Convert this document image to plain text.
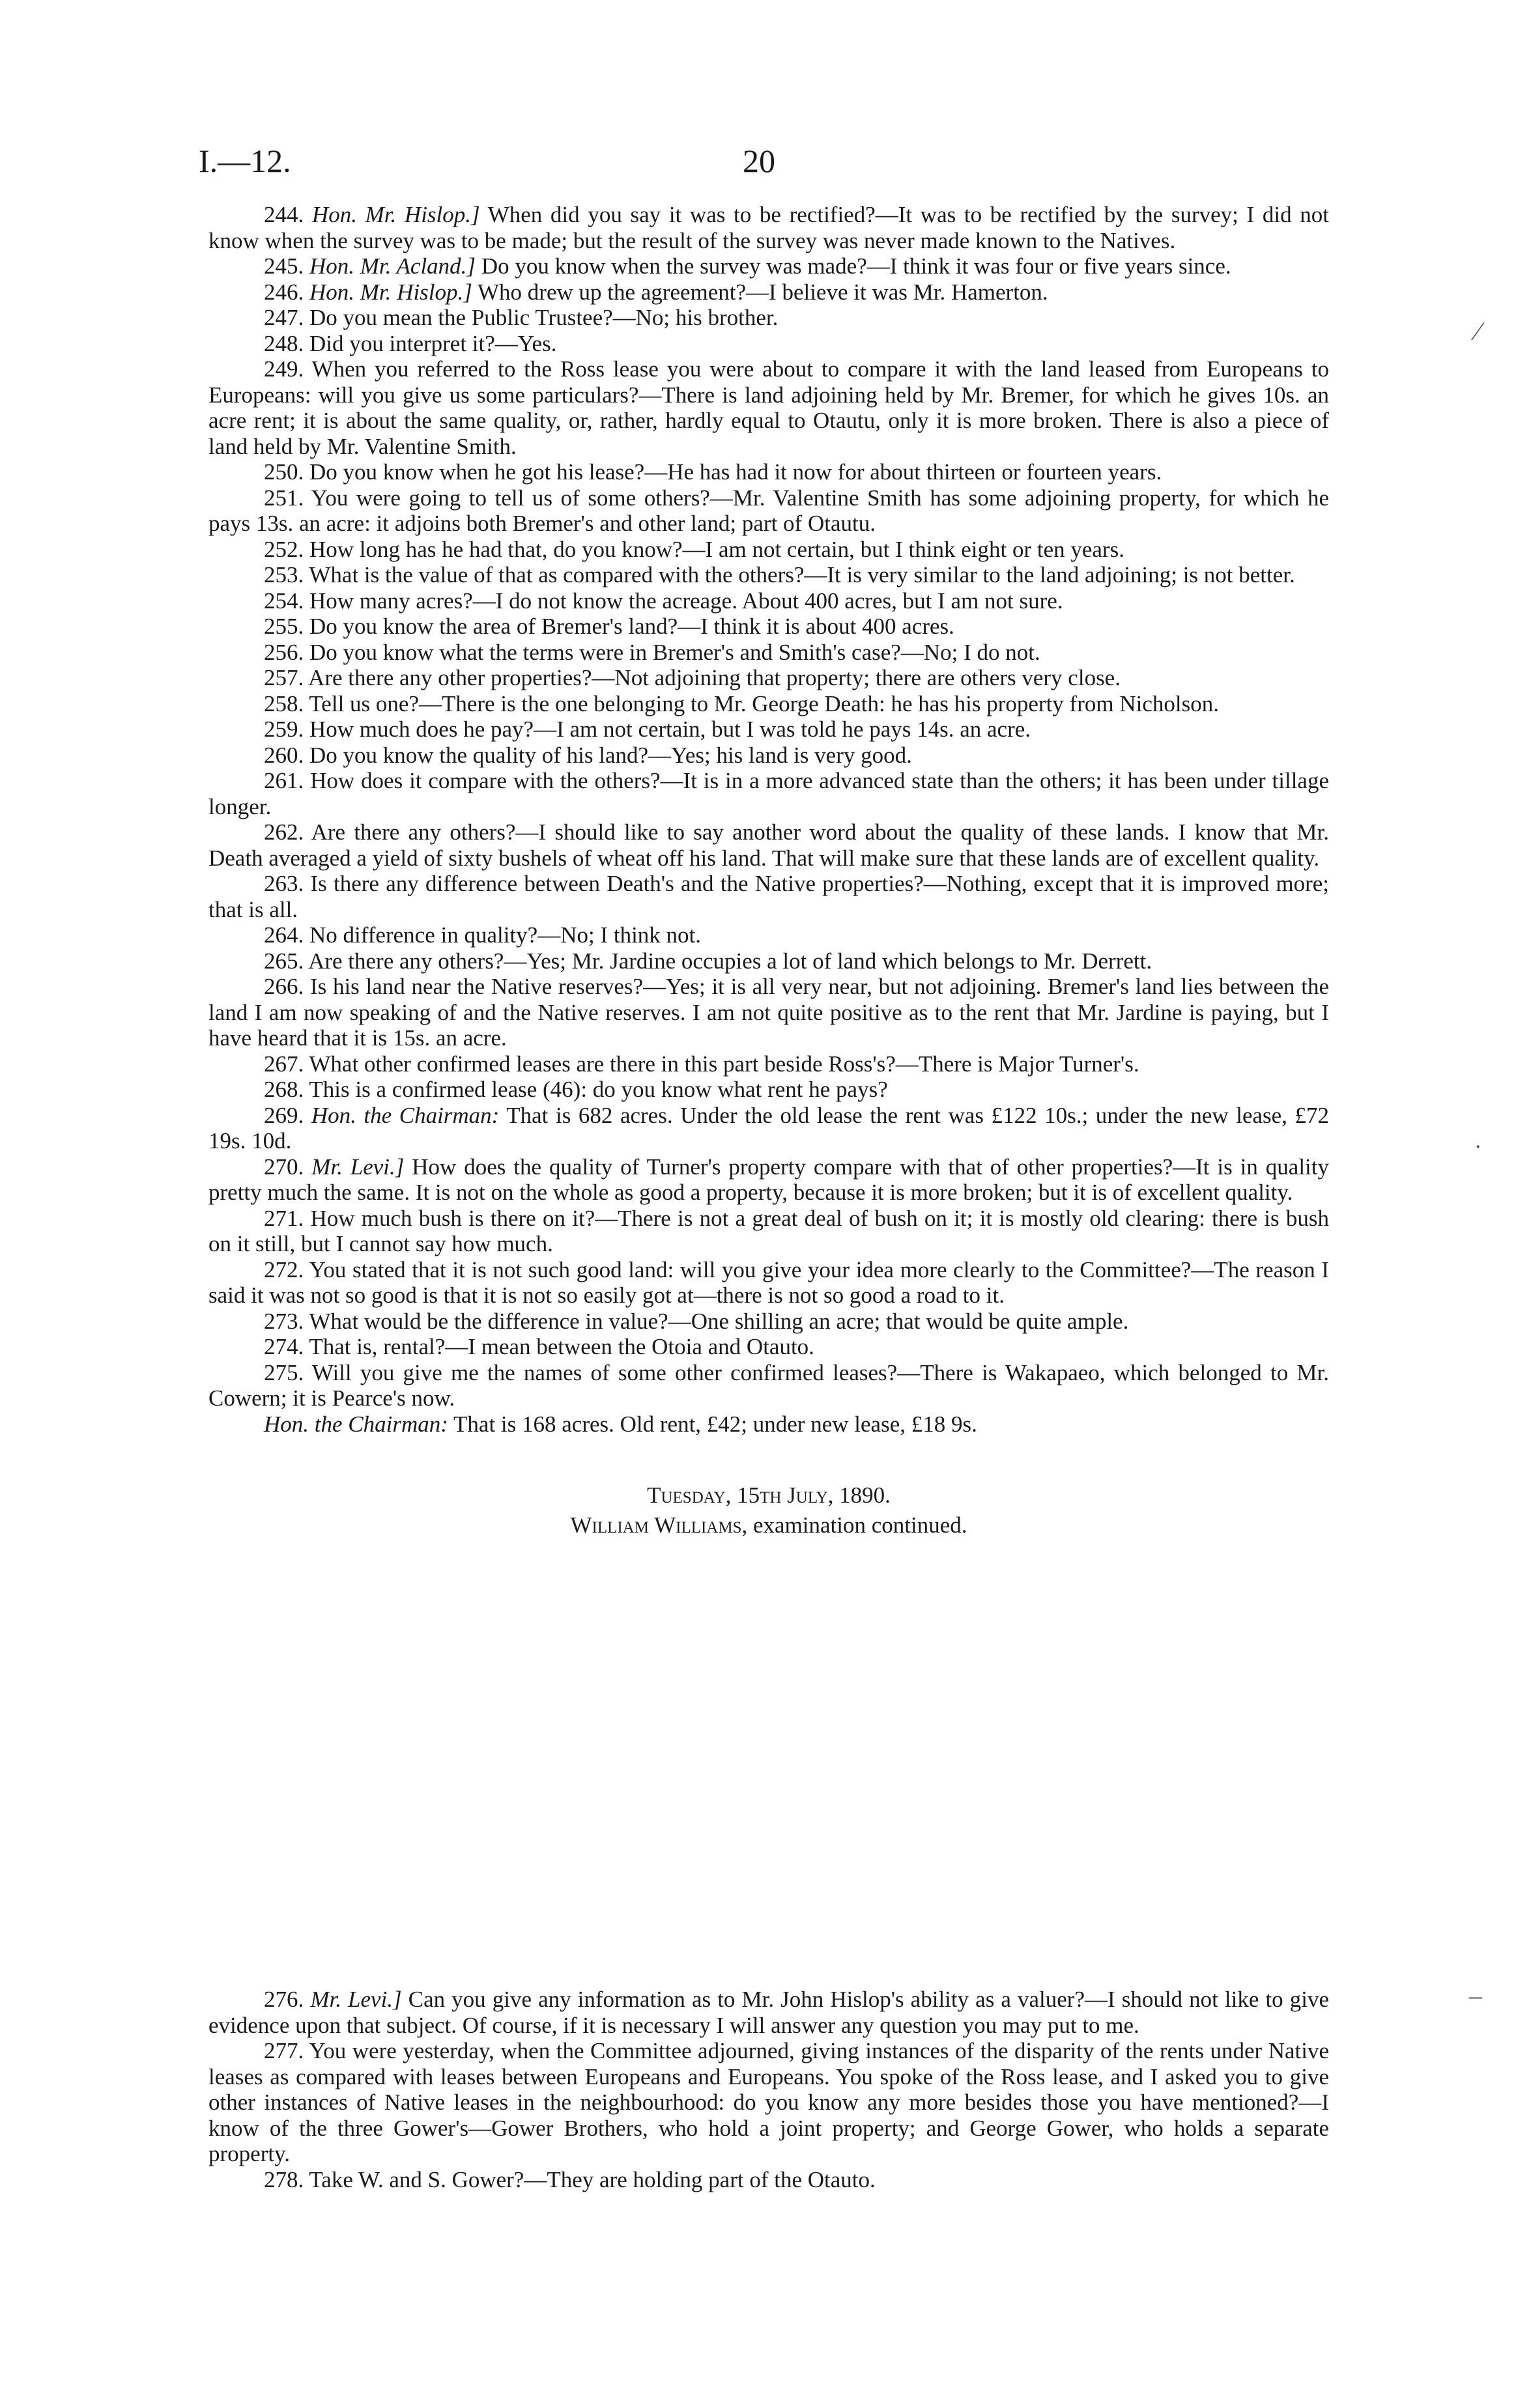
I.—12.	20

244. Hon. Mr. Hislop.] When did you say it was to be rectified?—It was to be rectified by the survey; I did not know when the survey was to be made; but the result of the survey was never made known to the Natives.

245. Hon. Mr. Acland.] Do you know when the survey was made?—I think it was four or five years since.

246. Hon. Mr. Hislop.] Who drew up the agreement?—I believe it was Mr. Hamerton.

247. Do you mean the Public Trustee?—No; his brother.

248. Did you interpret it?—Yes.

249. When you referred to the Ross lease you were about to compare it with the land leased from Europeans to Europeans: will you give us some particulars?—There is land adjoining held by Mr. Bremer, for which he gives 10s. an acre rent; it is about the same quality, or, rather, hardly equal to Otautu, only it is more broken. There is also a piece of land held by Mr. Valentine Smith.

250. Do you know when he got his lease?—He has had it now for about thirteen or fourteen years.

251. You were going to tell us of some others?—Mr. Valentine Smith has some adjoining property, for which he pays 13s. an acre: it adjoins both Bremer's and other land; part of Otautu.

252. How long has he had that, do you know?—I am not certain, but I think eight or ten years.

253. What is the value of that as compared with the others?—It is very similar to the land adjoining; is not better.

254. How many acres?—I do not know the acreage. About 400 acres, but I am not sure.

255. Do you know the area of Bremer's land?—I think it is about 400 acres.

256. Do you know what the terms were in Bremer's and Smith's case?—No; I do not.

257. Are there any other properties?—Not adjoining that property; there are others very close.

258. Tell us one?—There is the one belonging to Mr. George Death: he has his property from Nicholson.

259. How much does he pay?—I am not certain, but I was told he pays 14s. an acre.

260. Do you know the quality of his land?—Yes; his land is very good.

261. How does it compare with the others?—It is in a more advanced state than the others; it has been under tillage longer.

262. Are there any others?—I should like to say another word about the quality of these lands. I know that Mr. Death averaged a yield of sixty bushels of wheat off his land. That will make sure that these lands are of excellent quality.

263. Is there any difference between Death's and the Native properties?—Nothing, except that it is improved more; that is all.

264. No difference in quality?—No; I think not.

265. Are there any others?—Yes; Mr. Jardine occupies a lot of land which belongs to Mr. Derrett.

266. Is his land near the Native reserves?—Yes; it is all very near, but not adjoining. Bremer's land lies between the land I am now speaking of and the Native reserves. I am not quite positive as to the rent that Mr. Jardine is paying, but I have heard that it is 15s. an acre.

267. What other confirmed leases are there in this part beside Ross's?—There is Major Turner's.

268. This is a confirmed lease (46): do you know what rent he pays?

269. Hon. the Chairman: That is 682 acres. Under the old lease the rent was £122 10s.; under the new lease, £72 19s. 10d.

270. Mr. Levi.] How does the quality of Turner's property compare with that of other properties?—It is in quality pretty much the same. It is not on the whole as good a property, because it is more broken; but it is of excellent quality.

271. How much bush is there on it?—There is not a great deal of bush on it; it is mostly old clearing: there is bush on it still, but I cannot say how much.

272. You stated that it is not such good land: will you give your idea more clearly to the Committee?—The reason I said it was not so good is that it is not so easily got at—there is not so good a road to it.

273. What would be the difference in value?—One shilling an acre; that would be quite ample.

274. That is, rental?—I mean between the Otoia and Otauto.

275. Will you give me the names of some other confirmed leases?—There is Wakapaeo, which belonged to Mr. Cowern; it is Pearce's now.

Hon. the Chairman: That is 168 acres. Old rent, £42; under new lease, £18 9s.

Tuesday, 15th July, 1890.

William Williams, examination continued.

276. Mr. Levi.] Can you give any information as to Mr. John Hislop's ability as a valuer?—I should not like to give evidence upon that subject. Of course, if it is necessary I will answer any question you may put to me.

277. You were yesterday, when the Committee adjourned, giving instances of the disparity of the rents under Native leases as compared with leases between Europeans and Europeans. You spoke of the Ross lease, and I asked you to give other instances of Native leases in the neighbourhood: do you know any more besides those you have mentioned?—I know of the three Gower's—Gower Brothers, who hold a joint property; and George Gower, who holds a separate property.

278. Take W. and S. Gower?—They are holding part of the Otauto.

⁄
˙
–
